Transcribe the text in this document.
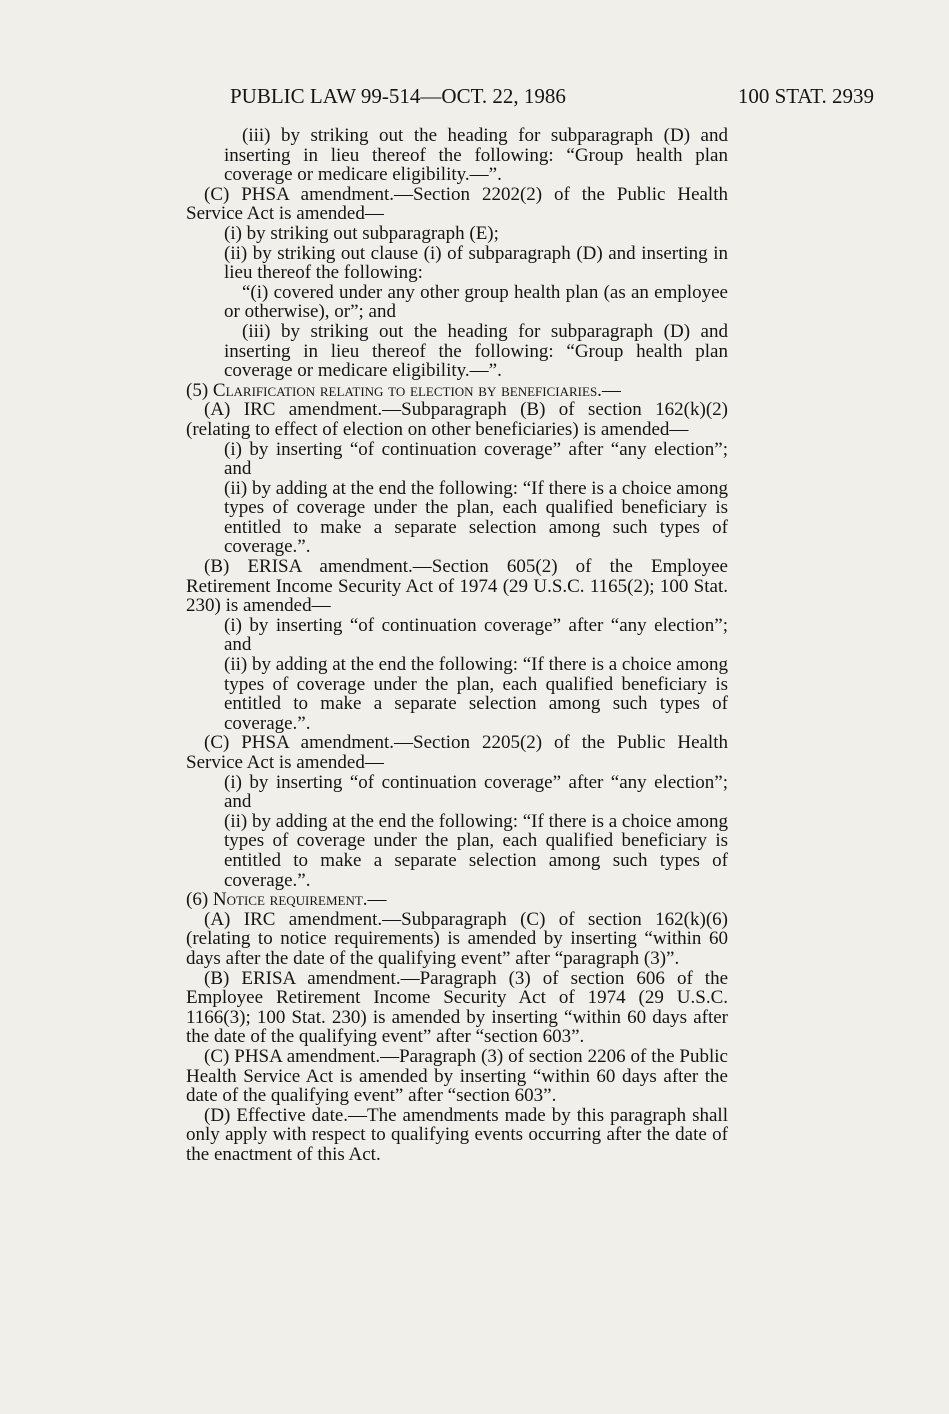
PUBLIC LAW 99-514—OCT. 22, 1986	100 STAT. 2939

(iii) by striking out the heading for subparagraph (D) and inserting in lieu thereof the following: “Group health plan coverage or medicare eligibility.—”.

(C) PHSA amendment.—Section 2202(2) of the Public Health Service Act is amended—

(i) by striking out subparagraph (E);

(ii) by striking out clause (i) of subparagraph (D) and inserting in lieu thereof the following:

“(i) covered under any other group health plan (as an employee or otherwise), or”; and

(iii) by striking out the heading for subparagraph (D) and inserting in lieu thereof the following: “Group health plan coverage or medicare eligibility.—”.

(5) Clarification relating to election by beneficiaries.—

(A) IRC amendment.—Subparagraph (B) of section 162(k)(2) (relating to effect of election on other beneficiaries) is amended—

(i) by inserting “of continuation coverage” after “any election”; and

(ii) by adding at the end the following: “If there is a choice among types of coverage under the plan, each qualified beneficiary is entitled to make a separate selection among such types of coverage.”.

(B) ERISA amendment.—Section 605(2) of the Employee Retirement Income Security Act of 1974 (29 U.S.C. 1165(2); 100 Stat. 230) is amended—

(i) by inserting “of continuation coverage” after “any election”; and

(ii) by adding at the end the following: “If there is a choice among types of coverage under the plan, each qualified beneficiary is entitled to make a separate selection among such types of coverage.”.

(C) PHSA amendment.—Section 2205(2) of the Public Health Service Act is amended—

(i) by inserting “of continuation coverage” after “any election”; and

(ii) by adding at the end the following: “If there is a choice among types of coverage under the plan, each qualified beneficiary is entitled to make a separate selection among such types of coverage.”.

(6) Notice requirement.—

(A) IRC amendment.—Subparagraph (C) of section 162(k)(6) (relating to notice requirements) is amended by inserting “within 60 days after the date of the qualifying event” after “paragraph (3)”.

(B) ERISA amendment.—Paragraph (3) of section 606 of the Employee Retirement Income Security Act of 1974 (29 U.S.C. 1166(3); 100 Stat. 230) is amended by inserting “within 60 days after the date of the qualifying event” after “section 603”.

(C) PHSA amendment.—Paragraph (3) of section 2206 of the Public Health Service Act is amended by inserting “within 60 days after the date of the qualifying event” after “section 603”.

(D) Effective date.—The amendments made by this paragraph shall only apply with respect to qualifying events occurring after the date of the enactment of this Act.
